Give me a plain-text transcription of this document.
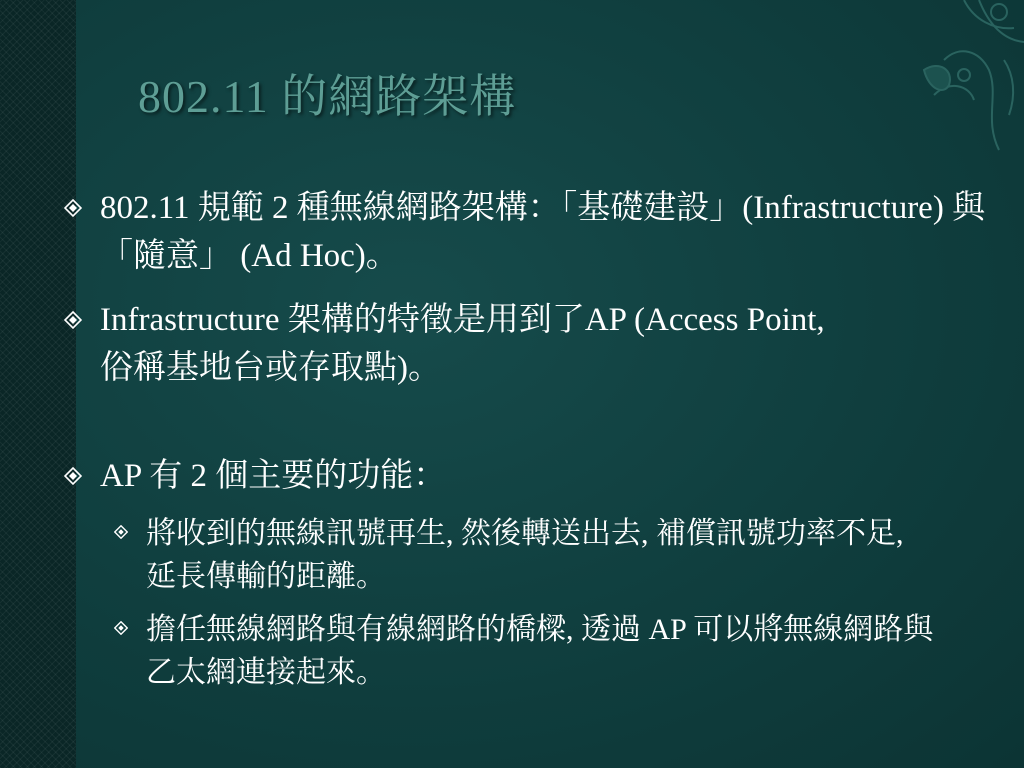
802.11 的網路架構
802.11 規範 2 種無線網路架構：「基礎建設」(Infrastructure) 與「隨意」 (Ad Hoc)。
Infrastructure 架構的特徵是用到了AP (Access Point, 俗稱基地台或存取點)。
AP 有 2 個主要的功能：
將收到的無線訊號再生, 然後轉送出去, 補償訊號功率不足, 延長傳輸的距離。
擔任無線網路與有線網路的橋樑, 透過 AP 可以將無線網路與乙太網連接起來。
